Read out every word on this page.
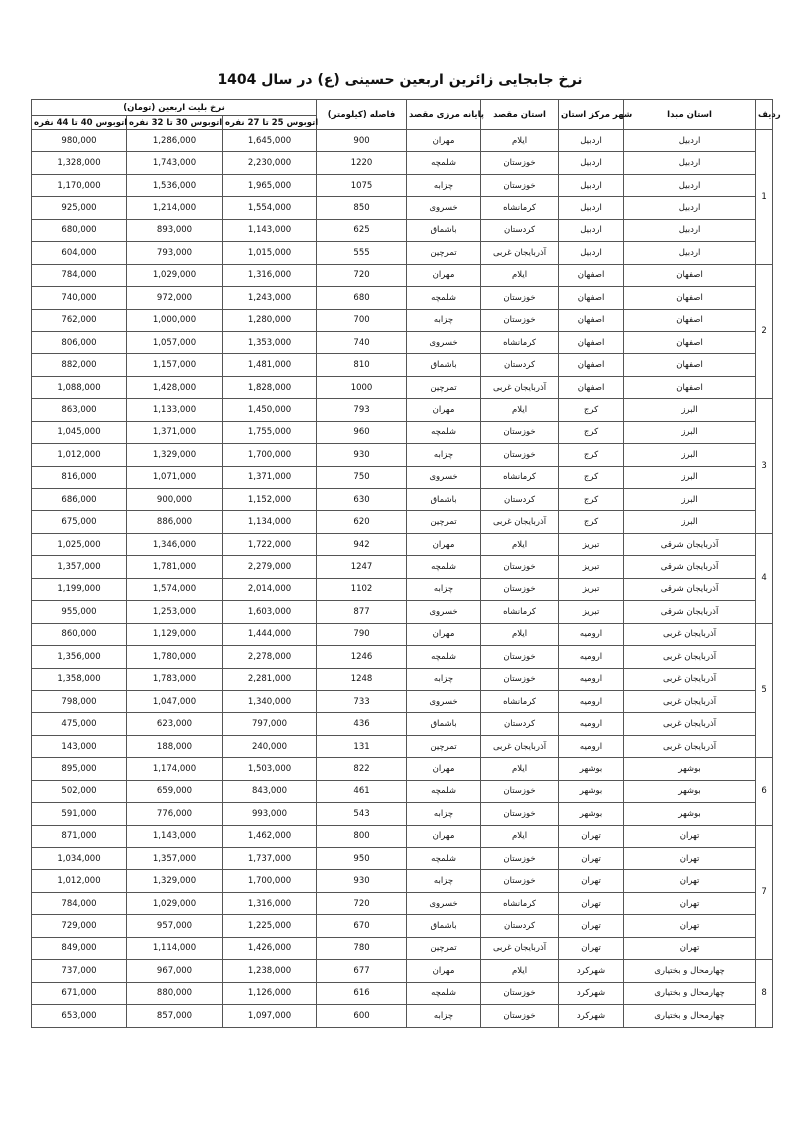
نرخ جابجایی زائرین اربعین حسینی (ع) در سال 1404
نرخ بلیت اربعین (تومان)			فاصله (کیلومتر)	پایانه مرزی مقصد	استان مقصد	شهر مرکز استان	استان مبدا	ردیف
اتوبوس 40 تا 44 نفره	اتوبوس 30 تا 32 نفره	اتوبوس 25 تا 27 نفره						
980,000	1,286,000	1,645,000	900	مهران	ایلام	اردبیل	اردبیل	1
1,328,000	1,743,000	2,230,000	1220	شلمچه	خوزستان	اردبیل	اردبیل	
1,170,000	1,536,000	1,965,000	1075	چزابه	خوزستان	اردبیل	اردبیل	
925,000	1,214,000	1,554,000	850	خسروی	کرمانشاه	اردبیل	اردبیل	
680,000	893,000	1,143,000	625	باشماق	کردستان	اردبیل	اردبیل	
604,000	793,000	1,015,000	555	تمرچین	آذربایجان غربی	اردبیل	اردبیل	
784,000	1,029,000	1,316,000	720	مهران	ایلام	اصفهان	اصفهان	2
740,000	972,000	1,243,000	680	شلمچه	خوزستان	اصفهان	اصفهان	
762,000	1,000,000	1,280,000	700	چزابه	خوزستان	اصفهان	اصفهان	
806,000	1,057,000	1,353,000	740	خسروی	کرمانشاه	اصفهان	اصفهان	
882,000	1,157,000	1,481,000	810	باشماق	کردستان	اصفهان	اصفهان	
1,088,000	1,428,000	1,828,000	1000	تمرچین	آذربایجان غربی	اصفهان	اصفهان	
863,000	1,133,000	1,450,000	793	مهران	ایلام	کرج	البرز	3
1,045,000	1,371,000	1,755,000	960	شلمچه	خوزستان	کرج	البرز	
1,012,000	1,329,000	1,700,000	930	چزابه	خوزستان	کرج	البرز	
816,000	1,071,000	1,371,000	750	خسروی	کرمانشاه	کرج	البرز	
686,000	900,000	1,152,000	630	باشماق	کردستان	کرج	البرز	
675,000	886,000	1,134,000	620	تمرچین	آذربایجان غربی	کرج	البرز	
1,025,000	1,346,000	1,722,000	942	مهران	ایلام	تبریز	آذربایجان شرقی	4
1,357,000	1,781,000	2,279,000	1247	شلمچه	خوزستان	تبریز	آذربایجان شرقی	
1,199,000	1,574,000	2,014,000	1102	چزابه	خوزستان	تبریز	آذربایجان شرقی	
955,000	1,253,000	1,603,000	877	خسروی	کرمانشاه	تبریز	آذربایجان شرقی	
860,000	1,129,000	1,444,000	790	مهران	ایلام	ارومیه	آذربایجان غربی	5
1,356,000	1,780,000	2,278,000	1246	شلمچه	خوزستان	ارومیه	آذربایجان غربی	
1,358,000	1,783,000	2,281,000	1248	چزابه	خوزستان	ارومیه	آذربایجان غربی	
798,000	1,047,000	1,340,000	733	خسروی	کرمانشاه	ارومیه	آذربایجان غربی	
475,000	623,000	797,000	436	باشماق	کردستان	ارومیه	آذربایجان غربی	
143,000	188,000	240,000	131	تمرچین	آذربایجان غربی	ارومیه	آذربایجان غربی	
895,000	1,174,000	1,503,000	822	مهران	ایلام	بوشهر	بوشهر	6
502,000	659,000	843,000	461	شلمچه	خوزستان	بوشهر	بوشهر	
591,000	776,000	993,000	543	چزابه	خوزستان	بوشهر	بوشهر	
871,000	1,143,000	1,462,000	800	مهران	ایلام	تهران	تهران	7
1,034,000	1,357,000	1,737,000	950	شلمچه	خوزستان	تهران	تهران	
1,012,000	1,329,000	1,700,000	930	چزابه	خوزستان	تهران	تهران	
784,000	1,029,000	1,316,000	720	خسروی	کرمانشاه	تهران	تهران	
729,000	957,000	1,225,000	670	باشماق	کردستان	تهران	تهران	
849,000	1,114,000	1,426,000	780	تمرچین	آذربایجان غربی	تهران	تهران	
737,000	967,000	1,238,000	677	مهران	ایلام	شهرکرد	چهارمحال و بختیاری	8
671,000	880,000	1,126,000	616	شلمچه	خوزستان	شهرکرد	چهارمحال و بختیاری	
653,000	857,000	1,097,000	600	چزابه	خوزستان	شهرکرد	چهارمحال و بختیاری	
